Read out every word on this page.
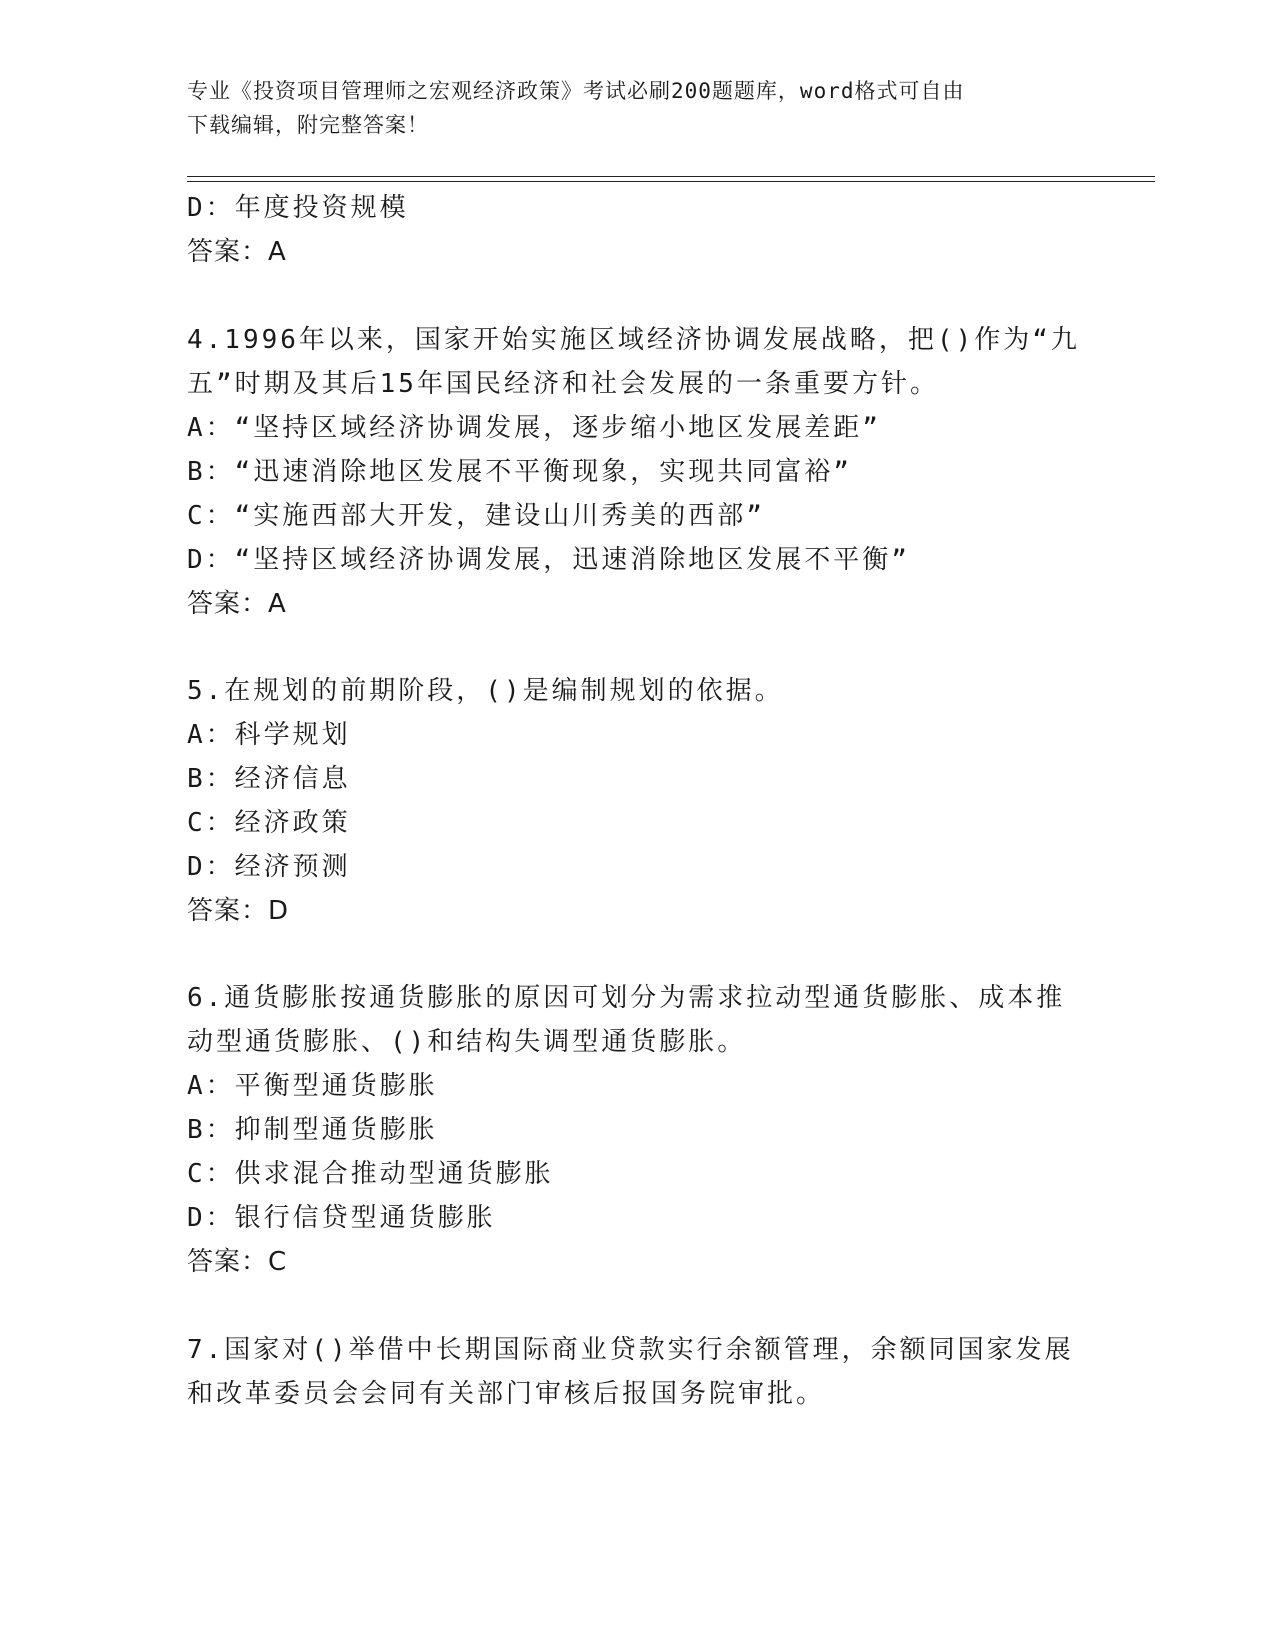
专业《投资项目管理师之宏观经济政策》考试必刷200题题库，word格式可自由
下载编辑，附完整答案！
D：年度投资规模
答案：A
4.1996年以来，国家开始实施区域经济协调发展战略，把()作为“九
五”时期及其后15年国民经济和社会发展的一条重要方针。
A：“坚持区域经济协调发展，逐步缩小地区发展差距”
B：“迅速消除地区发展不平衡现象，实现共同富裕”
C：“实施西部大开发，建设山川秀美的西部”
D：“坚持区域经济协调发展，迅速消除地区发展不平衡”
答案：A
5.在规划的前期阶段，()是编制规划的依据。
A：科学规划
B：经济信息
C：经济政策
D：经济预测
答案：D
6.通货膨胀按通货膨胀的原因可划分为需求拉动型通货膨胀、成本推
动型通货膨胀、()和结构失调型通货膨胀。
A：平衡型通货膨胀
B：抑制型通货膨胀
C：供求混合推动型通货膨胀
D：银行信贷型通货膨胀
答案：C
7.国家对()举借中长期国际商业贷款实行余额管理，余额同国家发展
和改革委员会会同有关部门审核后报国务院审批。
